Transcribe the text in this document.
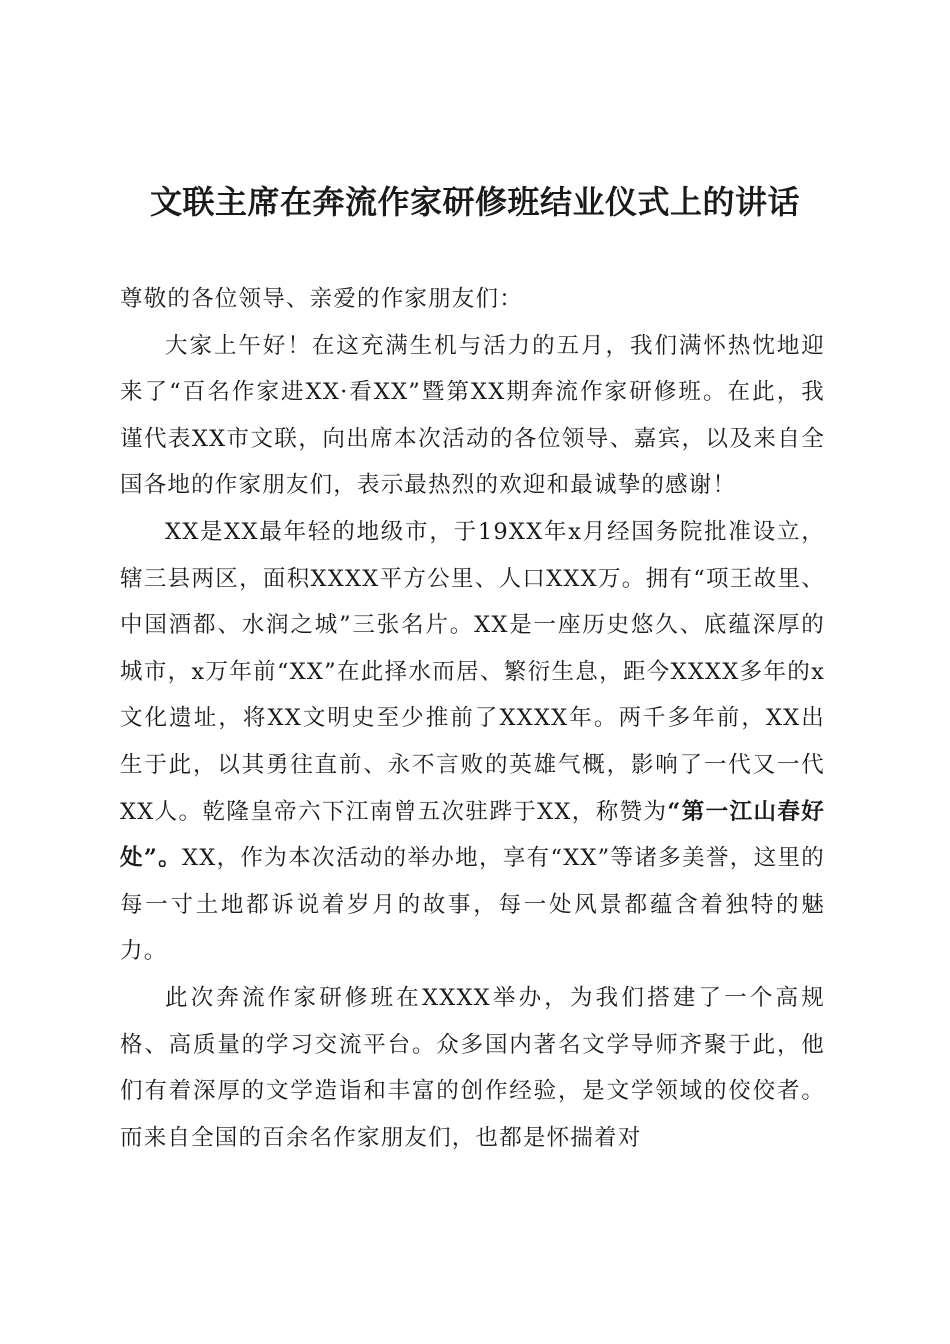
文联主席在奔流作家研修班结业仪式上的讲话

尊敬的各位领导、亲爱的作家朋友们：

大家上午好！在这充满生机与活力的五月，我们满怀热忱地迎来了“百名作家进XX·看XX”暨第XX期奔流作家研修班。在此，我谨代表XX市文联，向出席本次活动的各位领导、嘉宾，以及来自全国各地的作家朋友们，表示最热烈的欢迎和最诚挚的感谢！

XX是XX最年轻的地级市，于19XX年x月经国务院批准设立，辖三县两区，面积XXXX平方公里、人口XXX万。拥有“项王故里、中国酒都、水润之城”三张名片。XX是一座历史悠久、底蕴深厚的城市，x万年前“XX”在此择水而居、繁衍生息，距今XXXX多年的x文化遗址，将XX文明史至少推前了XXXX年。两千多年前，XX出生于此，以其勇往直前、永不言败的英雄气概，影响了一代又一代XX人。乾隆皇帝六下江南曾五次驻跸于XX，称赞为“第一江山春好处”。XX，作为本次活动的举办地，享有“XX”等诸多美誉，这里的每一寸土地都诉说着岁月的故事，每一处风景都蕴含着独特的魅力。

此次奔流作家研修班在XXXX举办，为我们搭建了一个高规格、高质量的学习交流平台。众多国内著名文学导师齐聚于此，他们有着深厚的文学造诣和丰富的创作经验，是文学领域的佼佼者。而来自全国的百余名作家朋友们，也都是怀揣着对
